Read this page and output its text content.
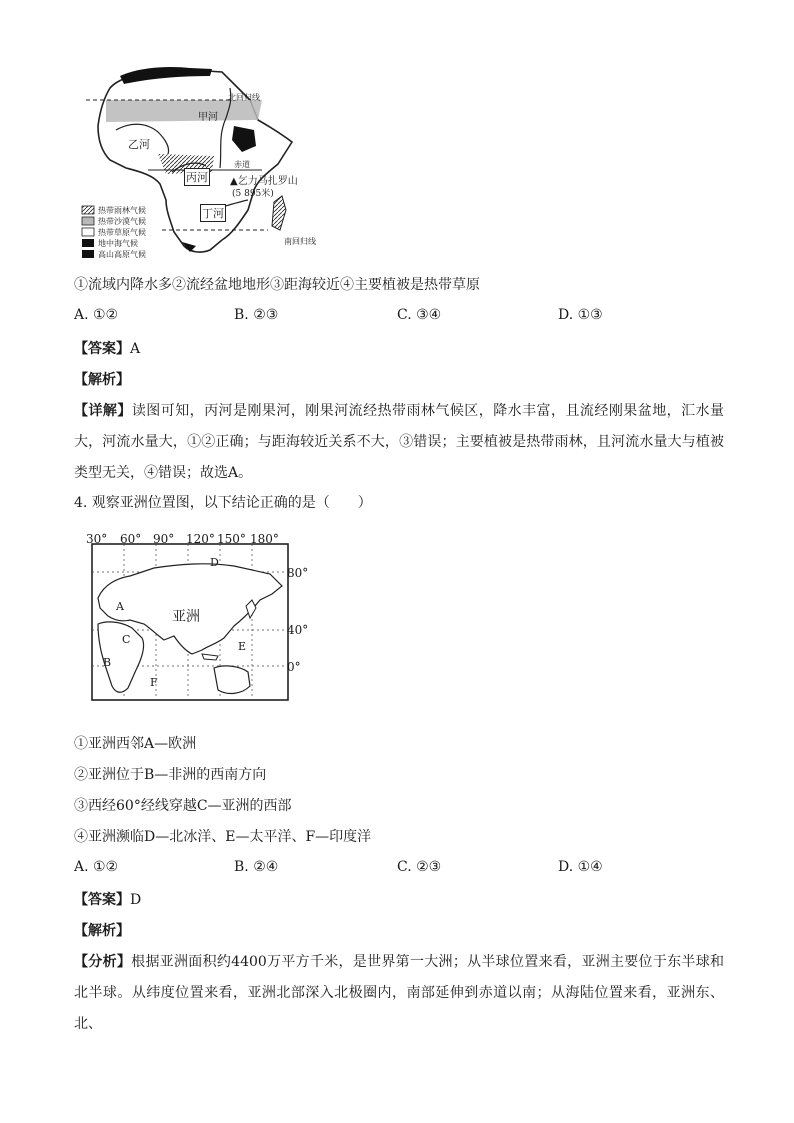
北回归线
甲河
乙河
赤道
丙河 ▲乞力马扎罗山
(5 895米)
丁河
南回归线
热带雨林气候
热带沙漠气候
热带草原气候
地中海气候
高山高原气候
①流域内降水多②流经盆地地形③距海较近④主要植被是热带草原
A. ①②	B. ②③	C. ③④	D. ①③
【答案】A
【解析】
【详解】读图可知，丙河是刚果河，刚果河流经热带雨林气候区，降水丰富，且流经刚果盆地，汇水量大，河流水量大，①②正确；与距海较近关系不大，③错误；主要植被是热带雨林，且河流水量大与植被类型无关，④错误；故选A。
4. 观察亚洲位置图，以下结论正确的是（　　）
30° 60° 90° 120° 150° 180°
80°
40°
0°
亚洲
A
B
C
D
E
F
①亚洲西邻A—欧洲
②亚洲位于B—非洲的西南方向
③西经60°经线穿越C—亚洲的西部
④亚洲濒临D—北冰洋、E—太平洋、F—印度洋
A. ①②	B. ②④	C. ②③	D. ①④
【答案】D
【解析】
【分析】根据亚洲面积约4400万平方千米，是世界第一大洲；从半球位置来看，亚洲主要位于东半球和北半球。从纬度位置来看，亚洲北部深入北极圈内，南部延伸到赤道以南；从海陆位置来看，亚洲东、北、
